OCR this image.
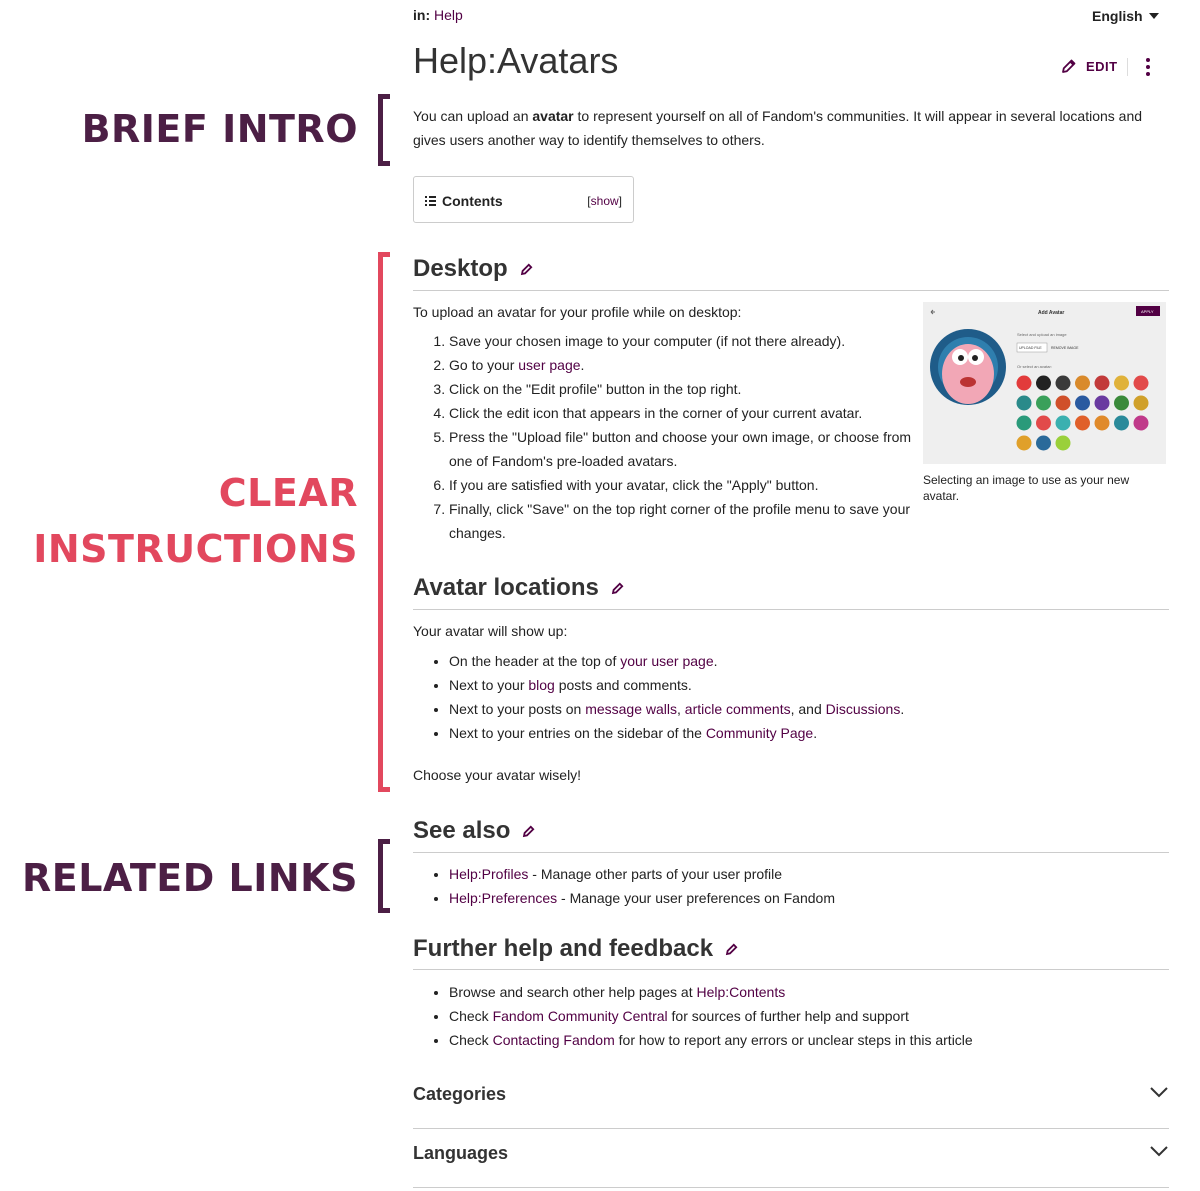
BRIEF INTRO
CLEAR
INSTRUCTIONS
RELATED LINKS
in: Help	English
Help:Avatars	EDIT
You can upload an avatar to represent yourself on all of Fandom's communities. It will appear in several locations and gives users another way to identify themselves to others.
Contents	[show]
Desktop

To upload an avatar for your profile while on desktop:

1. Save your chosen image to your computer (if not there already).
2. Go to your user page.
3. Click on the "Edit profile" button in the top right.
4. Click the edit icon that appears in the corner of your current avatar.
5. Press the "Upload file" button and choose your own image, or choose from one of Fandom's pre-loaded avatars.
6. If you are satisfied with your avatar, click the "Apply" button.
7. Finally, click "Save" on the top right corner of the profile menu to save your changes.
Add Avatar	APPLY
Select and upload an image
UPLOAD FILE	REMOVE IMAGE
Or select an avatar:
Selecting an image to use as your new avatar.
Avatar locations

Your avatar will show up:

• On the header at the top of your user page.
• Next to your blog posts and comments.
• Next to your posts on message walls, article comments, and Discussions.
• Next to your entries on the sidebar of the Community Page.

Choose your avatar wisely!

See also
• Help:Profiles - Manage other parts of your user profile
• Help:Preferences - Manage your user preferences on Fandom
Further help and feedback
• Browse and search other help pages at Help:Contents
• Check Fandom Community Central for sources of further help and support
• Check Contacting Fandom for how to report any errors or unclear steps in this article
Categories
Languages
